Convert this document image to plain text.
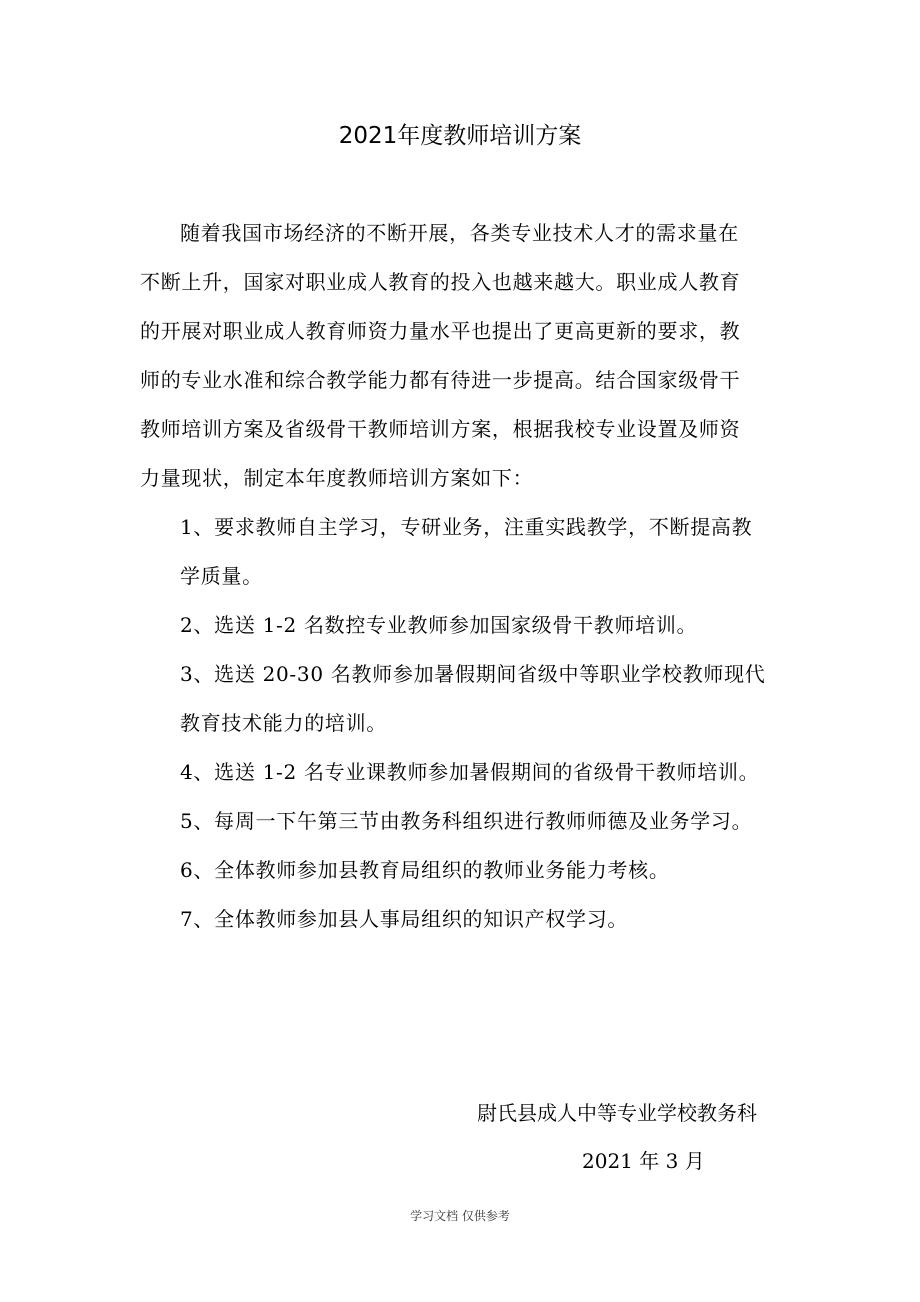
2021年度教师培训方案
随着我国市场经济的不断开展，各类专业技术人才的需求量在
不断上升，国家对职业成人教育的投入也越来越大。职业成人教育
的开展对职业成人教育师资力量水平也提出了更高更新的要求，教
师的专业水准和综合教学能力都有待进一步提高。结合国家级骨干
教师培训方案及省级骨干教师培训方案，根据我校专业设置及师资
力量现状，制定本年度教师培训方案如下：
1、要求教师自主学习，专研业务，注重实践教学，不断提高教
学质量。
2、选送 1-2 名数控专业教师参加国家级骨干教师培训。
3、选送 20-30 名教师参加暑假期间省级中等职业学校教师现代
教育技术能力的培训。
4、选送 1-2 名专业课教师参加暑假期间的省级骨干教师培训。
5、每周一下午第三节由教务科组织进行教师师德及业务学习。
6、全体教师参加县教育局组织的教师业务能力考核。
7、全体教师参加县人事局组织的知识产权学习。
尉氏县成人中等专业学校教务科
2021 年 3 月
学习文档 仅供参考
